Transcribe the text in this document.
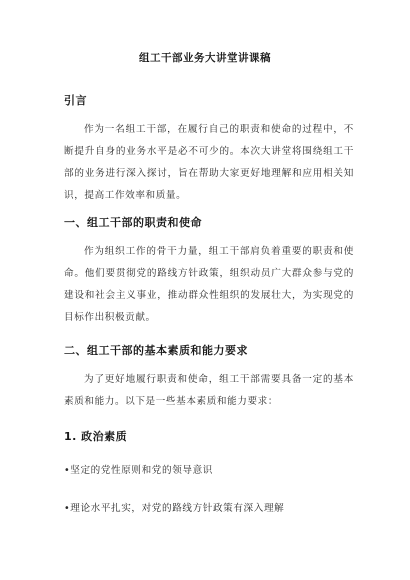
组工干部业务大讲堂讲课稿
引言
作为一名组工干部，在履行自己的职责和使命的过程中，不断提升自身的业务水平是必不可少的。本次大讲堂将围绕组工干部的业务进行深入探讨，旨在帮助大家更好地理解和应用相关知识，提高工作效率和质量。
一、组工干部的职责和使命
作为组织工作的骨干力量，组工干部肩负着重要的职责和使命。他们要贯彻党的路线方针政策，组织动员广大群众参与党的建设和社会主义事业，推动群众性组织的发展壮大，为实现党的目标作出积极贡献。
二、组工干部的基本素质和能力要求
为了更好地履行职责和使命，组工干部需要具备一定的基本素质和能力。以下是一些基本素质和能力要求：
1. 政治素质
•坚定的党性原则和党的领导意识
•理论水平扎实，对党的路线方针政策有深入理解
